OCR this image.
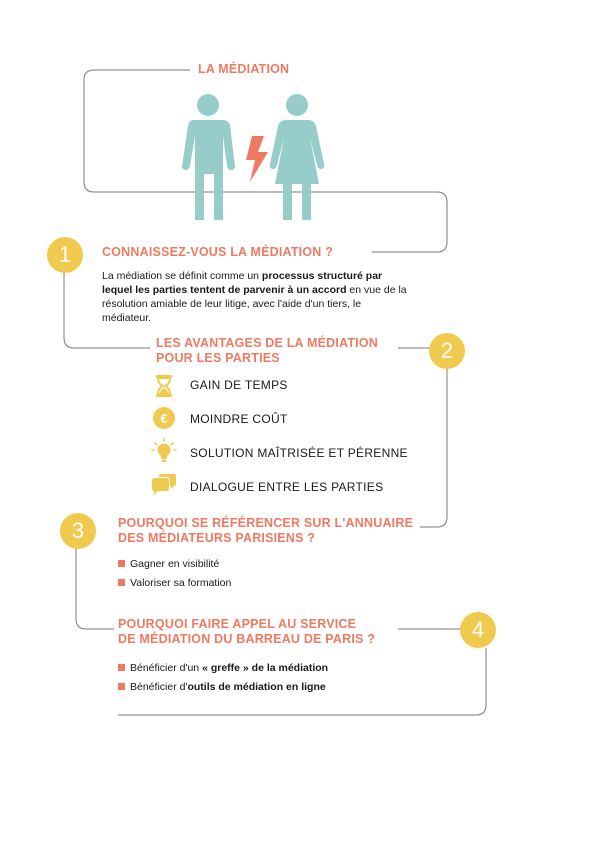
LA MÉDIATION
1	CONNAISSEZ-VOUS LA MÉDIATION ?
La médiation se définit comme un processus structuré par lequel les parties tentent de parvenir à un accord en vue de la résolution amiable de leur litige, avec l'aide d'un tiers, le médiateur.
LES AVANTAGES DE LA MÉDIATION
POUR LES PARTIES	2
GAIN DE TEMPS
€ MOINDRE COÛT
SOLUTION MAÎTRISÉE ET PÉRENNE
DIALOGUE ENTRE LES PARTIES
3	POURQUOI SE RÉFÉRENCER SUR L'ANNUAIRE
DES MÉDIATEURS PARISIENS ?
Gagner en visibilité
Valoriser sa formation
POURQUOI FAIRE APPEL AU SERVICE
DE MÉDIATION DU BARREAU DE PARIS ?	4
Bénéficier d'un « greffe » de la médiation
Bénéficier d'outils de médiation en ligne
